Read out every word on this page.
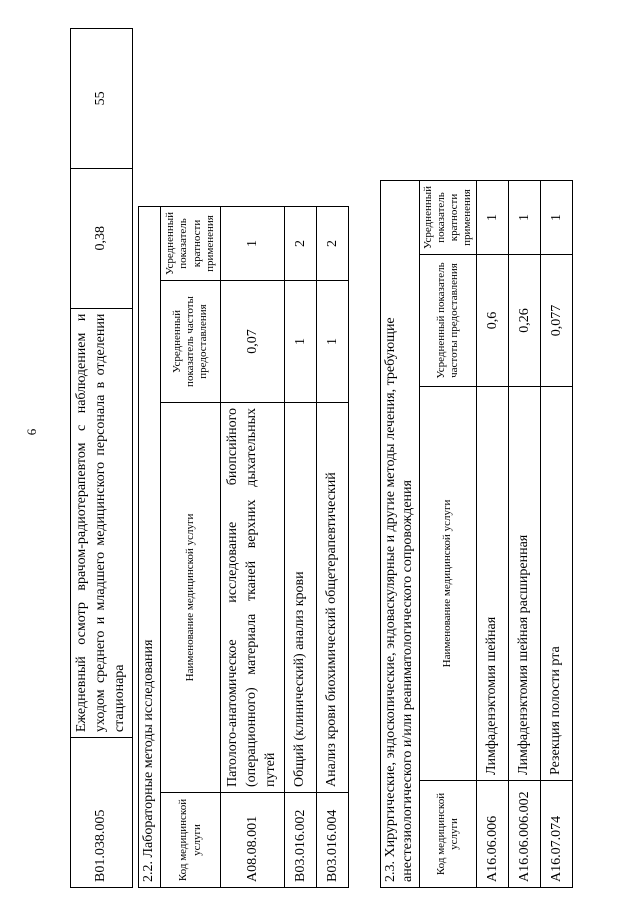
6
B01.038.005	Ежедневный осмотр врачом-радиотерапевтом с наблюдением и уходом среднего и младшего медицинского персонала в отделении стационара	0,38	55
2.2. Лабораторные методы исследования			
Код медицинской услуги	Наименование медицинской услуги	Усредненный показатель частоты предоставления	Усредненный показатель кратности применения
A08.08.001	Патолого-анатомическое исследование биопсийного (операционного) материала тканей верхних дыхательных путей	0,07	1
B03.016.002	Общий (клинический) анализ крови	1	2
B03.016.004	Анализ крови биохимический общетерапевтический	1	2
2.3. Хирургические, эндоскопические, эндоваскулярные и другие методы лечения, требующие анестезиологического и/или реаниматологического сопровождения			
Код медицинской услуги	Наименование медицинской услуги	Усредненный показатель частоты предоставления	Усредненный показатель кратности применения
A16.06.006	Лимфаденэктомия шейная	0,6	1
A16.06.006.002	Лимфаденэктомия шейная расширенная	0,26	1
A16.07.074	Резекция полости рта	0,077	1
